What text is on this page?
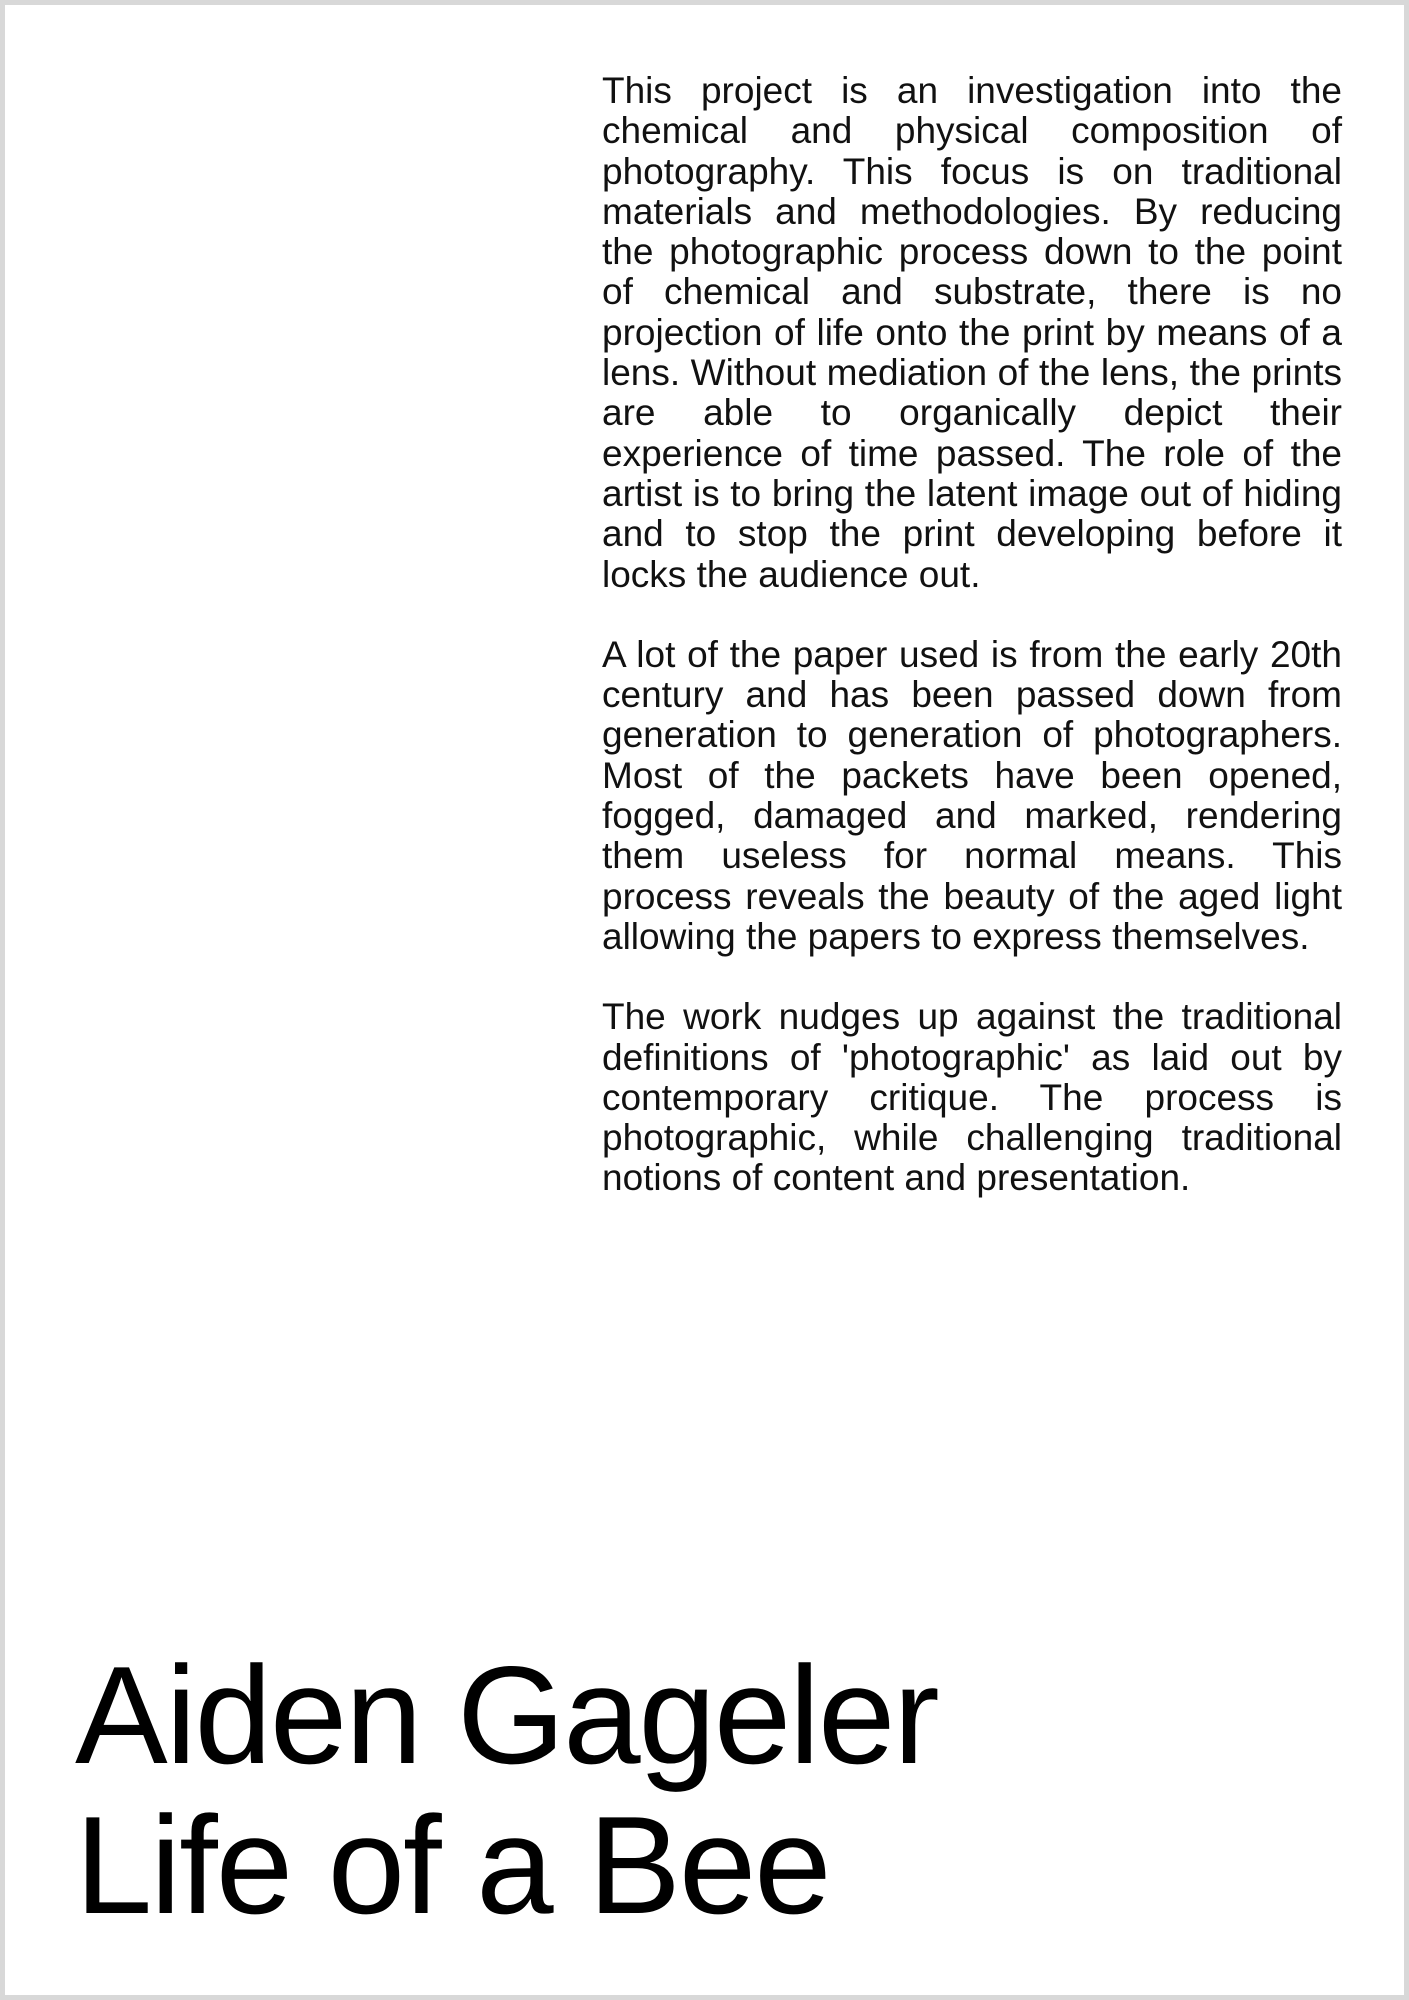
This project is an investigation into the chemical and physical composition of photography. This focus is on traditional materials and methodologies. By reducing the photographic process down to the point of chemical and substrate, there is no projection of life onto the print by means of a lens. Without mediation of the lens, the prints are able to organically depict their experience of time passed. The role of the artist is to bring the latent image out of hiding and to stop the print developing before it locks the audience out.

A lot of the paper used is from the early 20th century and has been passed down from generation to generation of photographers. Most of the packets have been opened, fogged, damaged and marked, rendering them useless for normal means. This process reveals the beauty of the aged light allowing the papers to express themselves.

The work nudges up against the traditional definitions of 'photographic' as laid out by contemporary critique. The process is photographic, while challenging traditional notions of content and presentation.

Aiden Gageler
Life of a Bee
